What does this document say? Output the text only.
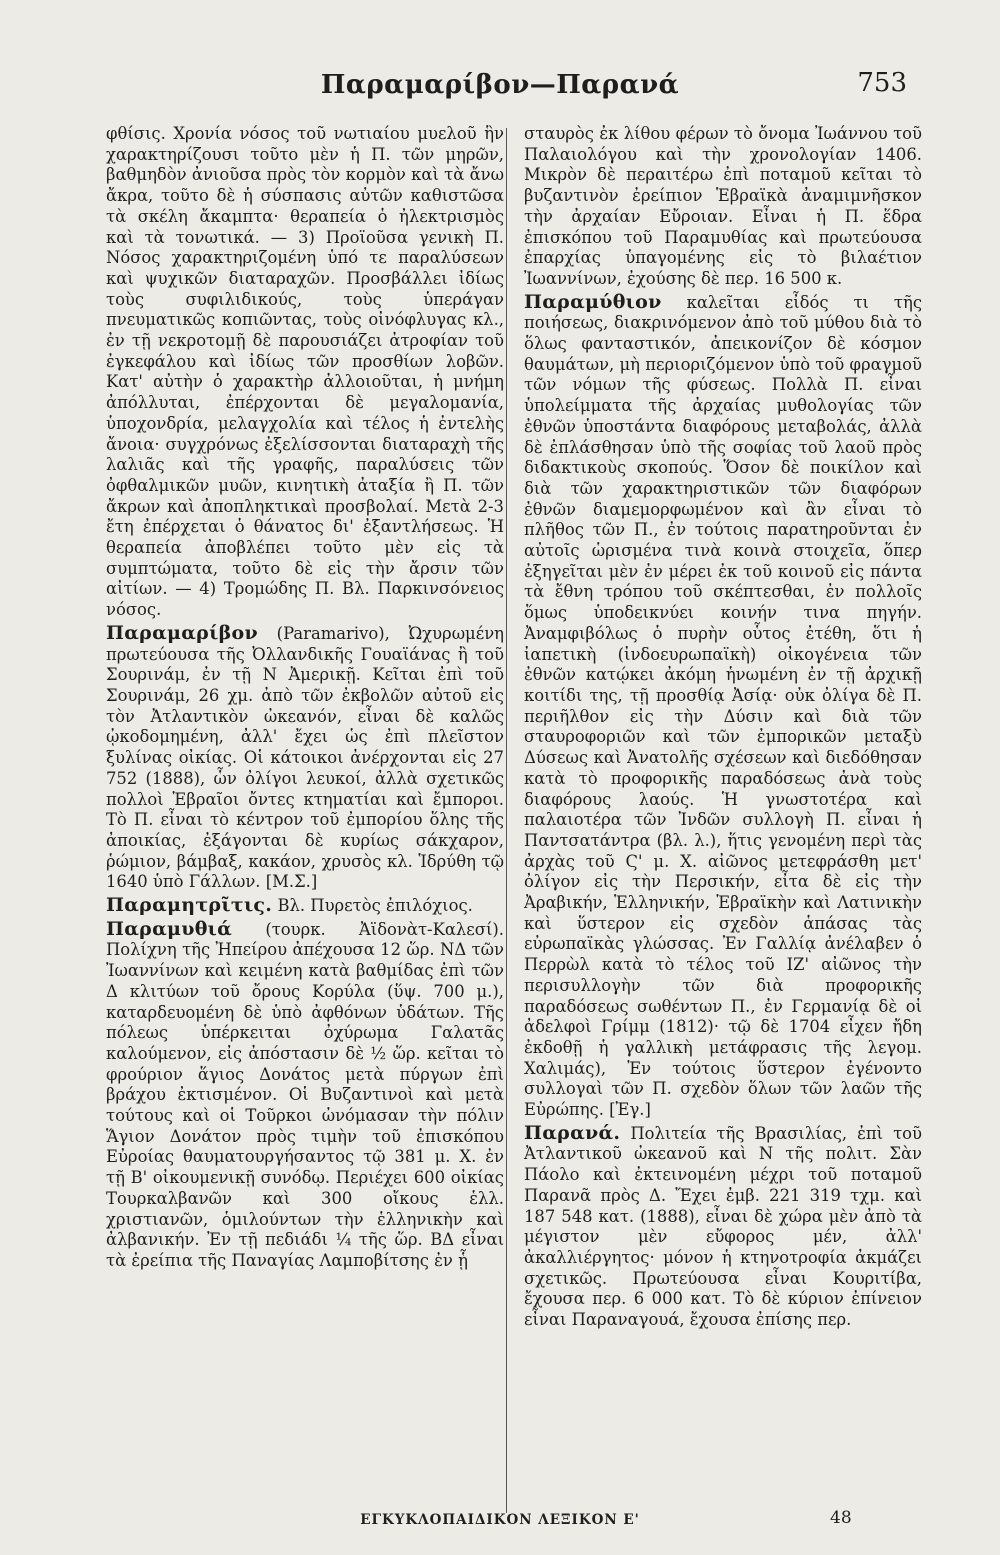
Παραμαρίβον—Παρανά	753

φθίσις. Χρονία νόσος τοῦ νωτιαίου μυελοῦ ἣν χαρακτηρίζουσι τοῦτο μὲν ἡ Π. τῶν μηρῶν, βαθμηδὸν ἀνιοῦσα πρὸς τὸν κορμὸν καὶ τὰ ἄνω ἄκρα, τοῦτο δὲ ἡ σύσπασις αὐτῶν καθιστῶσα τὰ σκέλη ἄκαμπτα· θεραπεία ὁ ἠλεκτρισμὸς καὶ τὰ τονωτικά. — 3) Προϊοῦσα γενικὴ Π. Νόσος χαρακτηριζομένη ὑπό τε παραλύσεων καὶ ψυχικῶν διαταραχῶν. Προσβάλλει ἰδίως τοὺς συφιλιδικούς, τοὺς ὑπεράγαν πνευματικῶς κοπιῶντας, τοὺς οἰνόφλυγας κλ., ἐν τῇ νεκροτομῇ δὲ παρουσιάζει ἀτροφίαν τοῦ ἐγκεφάλου καὶ ἰδίως τῶν προσθίων λοβῶν. Κατ' αὐτὴν ὁ χαρακτὴρ ἀλλοιοῦται, ἡ μνήμη ἀπόλλυται, ἐπέρχονται δὲ μεγαλομανία, ὑποχονδρία, μελαγχολία καὶ τέλος ἡ ἐντελὴς ἄνοια· συγχρόνως ἐξελίσσονται διαταραχὴ τῆς λαλιᾶς καὶ τῆς γραφῆς, παραλύσεις τῶν ὀφθαλμικῶν μυῶν, κινητικὴ ἀταξία ἢ Π. τῶν ἄκρων καὶ ἀποπληκτικαὶ προσβολαί. Μετὰ 2-3 ἔτη ἐπέρχεται ὁ θάνατος δι' ἐξαντλήσεως. Ἡ θεραπεία ἀποβλέπει τοῦτο μὲν εἰς τὰ συμπτώματα, τοῦτο δὲ εἰς τὴν ἄρσιν τῶν αἰτίων. — 4) Τρομώδης Π. Βλ. Παρκινσόνειος νόσος.

Παραμαρίβον (Paramarivo), Ὠχυρωμένη πρωτεύουσα τῆς Ὀλλανδικῆς Γουαϊάνας ἢ τοῦ Σουρινάμ, ἐν τῇ Ν Ἀμερικῇ. Κεῖται ἐπὶ τοῦ Σουρινάμ, 26 χμ. ἀπὸ τῶν ἐκβολῶν αὐτοῦ εἰς τὸν Ἀτλαντικὸν ὠκεανόν, εἶναι δὲ καλῶς ᾠκοδομημένη, ἀλλ' ἔχει ὡς ἐπὶ πλεῖστον ξυλίνας οἰκίας. Οἱ κάτοικοι ἀνέρχονται εἰς 27 752 (1888), ὧν ὀλίγοι λευκοί, ἀλλὰ σχετικῶς πολλοὶ Ἑβραῖοι ὄντες κτηματίαι καὶ ἔμποροι. Τὸ Π. εἶναι τὸ κέντρον τοῦ ἐμπορίου ὅλης τῆς ἀποικίας, ἐξάγονται δὲ κυρίως σάκχαρον, ῥώμιον, βάμβαξ, κακάον, χρυσὸς κλ. Ἱδρύθη τῷ 1640 ὑπὸ Γάλλων. [Μ.Σ.]

Παραμητρῖτις. Βλ. Πυρετὸς ἐπιλόχιος.

Παραμυθιά (τουρκ. Ἀϊδονὰτ-Καλεσί). Πολίχνη τῆς Ἠπείρου ἀπέχουσα 12 ὥρ. ΝΔ τῶν Ἰωαννίνων καὶ κειμένη κατὰ βαθμίδας ἐπὶ τῶν Δ κλιτύων τοῦ ὄρους Κορύλα (ὕψ. 700 μ.), καταρδευομένη δὲ ὑπὸ ἀφθόνων ὑδάτων. Τῆς πόλεως ὑπέρκειται ὀχύρωμα Γαλατᾶς καλούμενον, εἰς ἀπόστασιν δὲ ½ ὥρ. κεῖται τὸ φρούριον ἅγιος Δονάτος μετὰ πύργων ἐπὶ βράχου ἐκτισμένον. Οἱ Βυζαντινοὶ καὶ μετὰ τούτους καὶ οἱ Τοῦρκοι ὠνόμασαν τὴν πόλιν Ἅγιον Δονάτον πρὸς τιμὴν τοῦ ἐπισκόπου Εὐροίας θαυματουργήσαντος τῷ 381 μ. Χ. ἐν τῇ Β' οἰκουμενικῇ συνόδῳ. Περιέχει 600 οἰκίας Τουρκαλβανῶν καὶ 300 οἴκους ἑλλ. χριστιανῶν, ὁμιλούντων τὴν ἑλληνικὴν καὶ ἀλβανικήν. Ἐν τῇ πεδιάδι ¼ τῆς ὥρ. ΒΔ εἶναι τὰ ἐρείπια τῆς Παναγίας Λαμποβίτσης ἐν ᾗ

σταυρὸς ἐκ λίθου φέρων τὸ ὄνομα Ἰωάννου τοῦ Παλαιολόγου καὶ τὴν χρονολογίαν 1406. Μικρὸν δὲ περαιτέρω ἐπὶ ποταμοῦ κεῖται τὸ βυζαντινὸν ἐρείπιον Ἑβραϊκὰ ἀναμιμνῆσκον τὴν ἀρχαίαν Εὔροιαν. Εἶναι ἡ Π. ἕδρα ἐπισκόπου τοῦ Παραμυθίας καὶ πρωτεύουσα ἐπαρχίας ὑπαγομένης εἰς τὸ βιλαέτιον Ἰωαννίνων, ἐχούσης δὲ περ. 16 500 κ.

Παραμύθιον καλεῖται εἶδός τι τῆς ποιήσεως, διακρινόμενον ἀπὸ τοῦ μύθου διὰ τὸ ὅλως φανταστικόν, ἀπεικονίζον δὲ κόσμον θαυμάτων, μὴ περιοριζόμενον ὑπὸ τοῦ φραγμοῦ τῶν νόμων τῆς φύσεως. Πολλὰ Π. εἶναι ὑπολείμματα τῆς ἀρχαίας μυθολογίας τῶν ἐθνῶν ὑποστάντα διαφόρους μεταβολάς, ἀλλὰ δὲ ἐπλάσθησαν ὑπὸ τῆς σοφίας τοῦ λαοῦ πρὸς διδακτικοὺς σκοπούς. Ὅσον δὲ ποικίλον καὶ διὰ τῶν χαρακτηριστικῶν τῶν διαφόρων ἐθνῶν διαμεμορφωμένον καὶ ἂν εἶναι τὸ πλῆθος τῶν Π., ἐν τούτοις παρατηροῦνται ἐν αὐτοῖς ὡρισμένα τινὰ κοινὰ στοιχεῖα, ὅπερ ἐξηγεῖται μὲν ἐν μέρει ἐκ τοῦ κοινοῦ εἰς πάντα τὰ ἔθνη τρόπου τοῦ σκέπτεσθαι, ἐν πολλοῖς ὅμως ὑποδεικνύει κοινήν τινα πηγήν. Ἀναμφιβόλως ὁ πυρὴν οὗτος ἐτέθη, ὅτι ἡ ἰαπετικὴ (ἰνδοευρωπαϊκὴ) οἰκογένεια τῶν ἐθνῶν κατῴκει ἀκόμη ἡνωμένη ἐν τῇ ἀρχικῇ κοιτίδι της, τῇ προσθίᾳ Ἀσίᾳ· οὐκ ὀλίγα δὲ Π. περιῆλθον εἰς τὴν Δύσιν καὶ διὰ τῶν σταυροφοριῶν καὶ τῶν ἐμπορικῶν μεταξὺ Δύσεως καὶ Ἀνατολῆς σχέσεων καὶ διεδόθησαν κατὰ τὸ προφορικῆς παραδόσεως ἀνὰ τοὺς διαφόρους λαούς. Ἡ γνωστοτέρα καὶ παλαιοτέρα τῶν Ἰνδῶν συλλογὴ Π. εἶναι ἡ Παντσατάντρα (βλ. λ.), ἥτις γενομένη περὶ τὰς ἀρχὰς τοῦ Ϛ' μ. Χ. αἰῶνος μετεφράσθη μετ' ὀλίγον εἰς τὴν Περσικήν, εἶτα δὲ εἰς τὴν Ἀραβικήν, Ἑλληνικήν, Ἑβραϊκὴν καὶ Λατινικὴν καὶ ὕστερον εἰς σχεδὸν ἁπάσας τὰς εὐρωπαϊκὰς γλώσσας. Ἐν Γαλλίᾳ ἀνέλαβεν ὁ Περρὼλ κατὰ τὸ τέλος τοῦ ΙΖ' αἰῶνος τὴν περισυλλογὴν τῶν διὰ προφορικῆς παραδόσεως σωθέντων Π., ἐν Γερμανίᾳ δὲ οἱ ἀδελφοὶ Γρίμμ (1812)· τῷ δὲ 1704 εἶχεν ἤδη ἐκδοθῇ ἡ γαλλικὴ μετάφρασις τῆς λεγομ. Χαλιμάς), Ἐν τούτοις ὕστερον ἐγένοντο συλλογαὶ τῶν Π. σχεδὸν ὅλων τῶν λαῶν τῆς Εὐρώπης. [Ἐγ.]

Παρανά. Πολιτεία τῆς Βρασιλίας, ἐπὶ τοῦ Ἀτλαντικοῦ ὠκεανοῦ καὶ Ν τῆς πολιτ. Σὰν Πάολο καὶ ἐκτεινομένη μέχρι τοῦ ποταμοῦ Παρανᾶ πρὸς Δ. Ἔχει ἐμβ. 221 319 τχμ. καὶ 187 548 κατ. (1888), εἶναι δὲ χώρα μὲν ἀπὸ τὰ μέγιστον μὲν εὔφορος μέν, ἀλλ' ἀκαλλιέργητος· μόνον ἡ κτηνοτροφία ἀκμάζει σχετικῶς. Πρωτεύουσα εἶναι Κουριτίβα, ἔχουσα περ. 6 000 κατ. Τὸ δὲ κύριον ἐπίνειον εἶναι Παραναγουά, ἔχουσα ἐπίσης περ.

ΕΓΚΥΚΛΟΠΑΙΔΙΚΟΝ ΛΕΞΙΚΟΝ Ε'	48
